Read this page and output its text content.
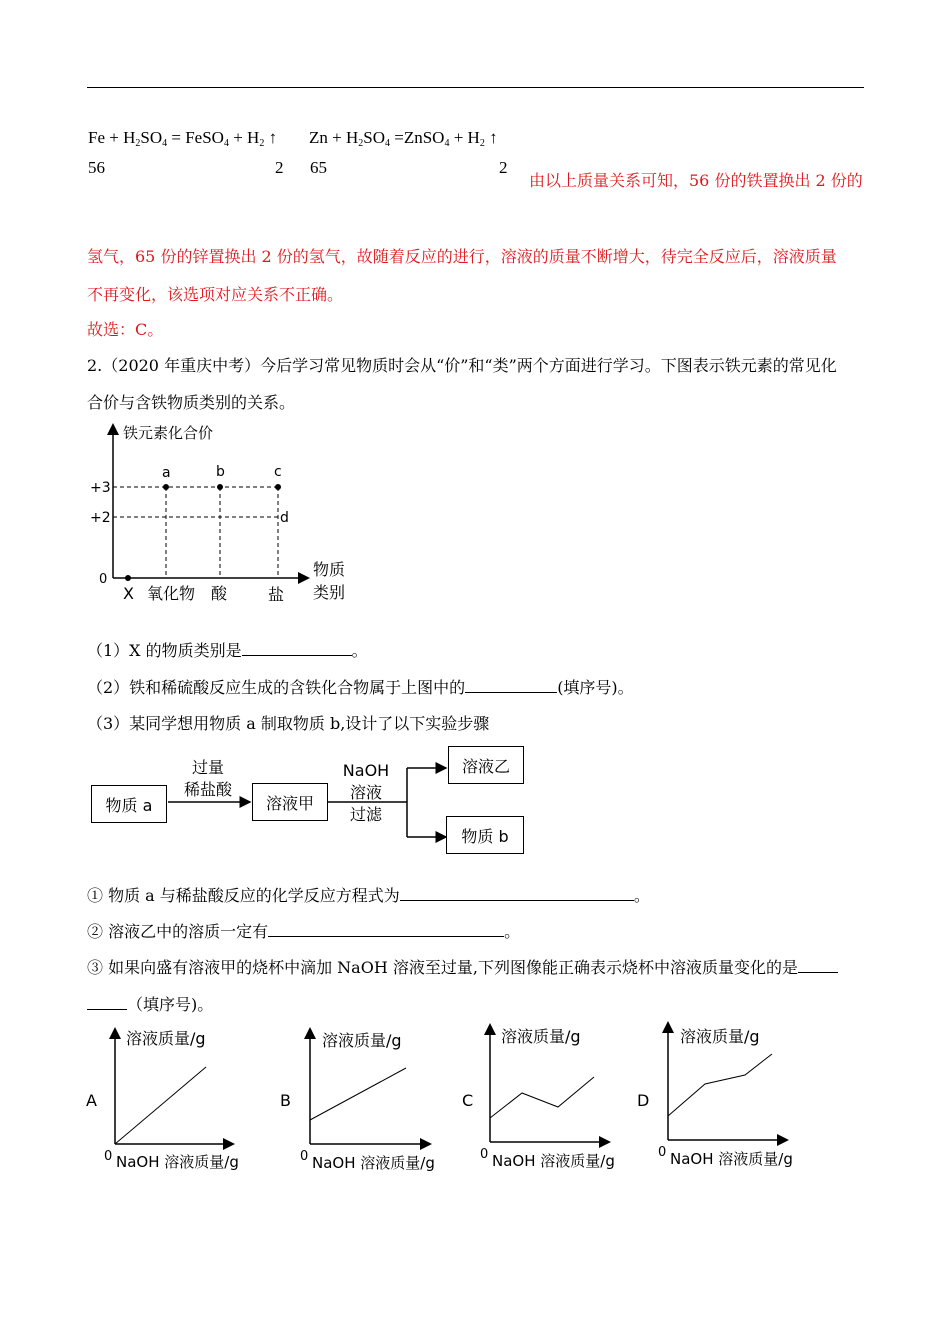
$Fe + H_2SO_4$ = FeSO$_4$ + $H_2$ ↑ $Zn + H_2SO_4$ =ZnSO$_4$ + $H_2$ ↑
56	2 65	2
由以上质量关系可知，56 份的铁置换出 2 份的
氢气，65 份的锌置换出 2 份的氢气，故随着反应的进行，溶液的质量不断增大，待完全反应后，溶液质量
不再变化，该选项对应关系不正确。
故选：C。
2.（2020 年重庆中考）今后学习常见物质时会从“价”和“类”两个方面进行学习。下图表示铁元素的常见化
合价与含铁物质类别的关系。
铁元素化合价
物质
类别
0
+3
+2
a	b	c
d
X 氧化物 酸	盐
（1）X 的物质类别是	。
（2）铁和稀硫酸反应生成的含铁化合物属于上图中的	(填序号)。
（3）某同学想用物质 a 制取物质 b,设计了以下实验步骤
物质 a	溶液甲
溶液乙
物质 b
过量
稀盐酸
NaOH
溶液
过滤
① 物质 a 与稀盐酸反应的化学反应方程式为	。
② 溶液乙中的溶质一定有	。
③ 如果向盛有溶液甲的烧杯中滴加 NaOH 溶液至过量,下列图像能正确表示烧杯中溶液质量变化的是
（填序号)。
A
溶液质量/g
NaOH 溶液质量/g
0
B
溶液质量/g
NaOH 溶液质量/g
0
C
溶液质量/g
NaOH 溶液质量/g
0
D
溶液质量/g
NaOH 溶液质量/g
0
